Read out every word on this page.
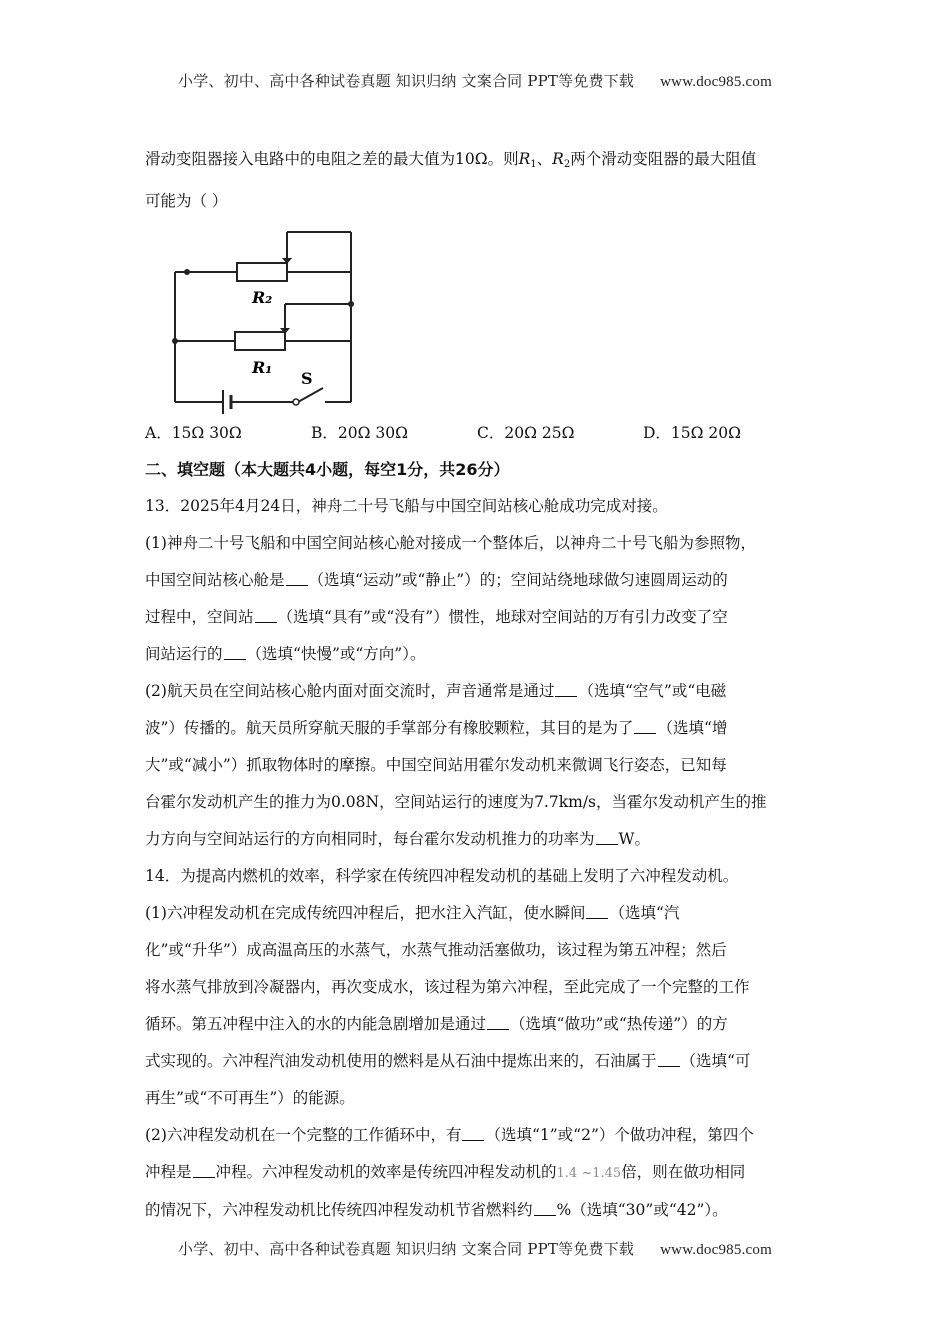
小学、初中、高中各种试卷真题 知识归纳 文案合同 PPT等免费下载 www.doc985.com

滑动变阻器接入电路中的电阻之差的最大值为10Ω。则$R_1$、$R_2$两个滑动变阻器的最大阻值

可能为（ ）

R₂
R₁
S
A．15Ω 30Ω	B．20Ω 30Ω	C．20Ω 25Ω	D．15Ω 20Ω

二、填空题（本大题共4小题，每空1分，共26分）

13．2025年4月24日，神舟二十号飞船与中国空间站核心舱成功完成对接。

(1)神舟二十号飞船和中国空间站核心舱对接成一个整体后，以神舟二十号飞船为参照物，

中国空间站核心舱是 （选填“运动”或“静止”）的；空间站绕地球做匀速圆周运动的

过程中，空间站 （选填“具有”或“没有”）惯性，地球对空间站的万有引力改变了空

间站运行的 （选填“快慢”或“方向”）。

(2)航天员在空间站核心舱内面对面交流时，声音通常是通过 （选填“空气”或“电磁

波”）传播的。航天员所穿航天服的手掌部分有橡胶颗粒，其目的是为了 （选填“增

大”或“减小”）抓取物体时的摩擦。中国空间站用霍尔发动机来微调飞行姿态，已知每

台霍尔发动机产生的推力为0.08N，空间站运行的速度为7.7km/s，当霍尔发动机产生的推

力方向与空间站运行的方向相同时，每台霍尔发动机推力的功率为 W。

14．为提高内燃机的效率，科学家在传统四冲程发动机的基础上发明了六冲程发动机。

(1)六冲程发动机在完成传统四冲程后，把水注入汽缸，使水瞬间 （选填“汽

化”或“升华”）成高温高压的水蒸气，水蒸气推动活塞做功，该过程为第五冲程；然后

将水蒸气排放到冷凝器内，再次变成水，该过程为第六冲程，至此完成了一个完整的工作

循环。第五冲程中注入的水的内能急剧增加是通过 （选填“做功”或“热传递”）的方

式实现的。六冲程汽油发动机使用的燃料是从石油中提炼出来的，石油属于 （选填“可

再生”或“不可再生”）的能源。

(2)六冲程发动机在一个完整的工作循环中，有 （选填“1”或“2”）个做功冲程，第四个

冲程是 冲程。六冲程发动机的效率是传统四冲程发动机的1.4 ~1.45倍，则在做功相同

的情况下，六冲程发动机比传统四冲程发动机节省燃料约 %（选填“30”或“42”）。

小学、初中、高中各种试卷真题 知识归纳 文案合同 PPT等免费下载 www.doc985.com
